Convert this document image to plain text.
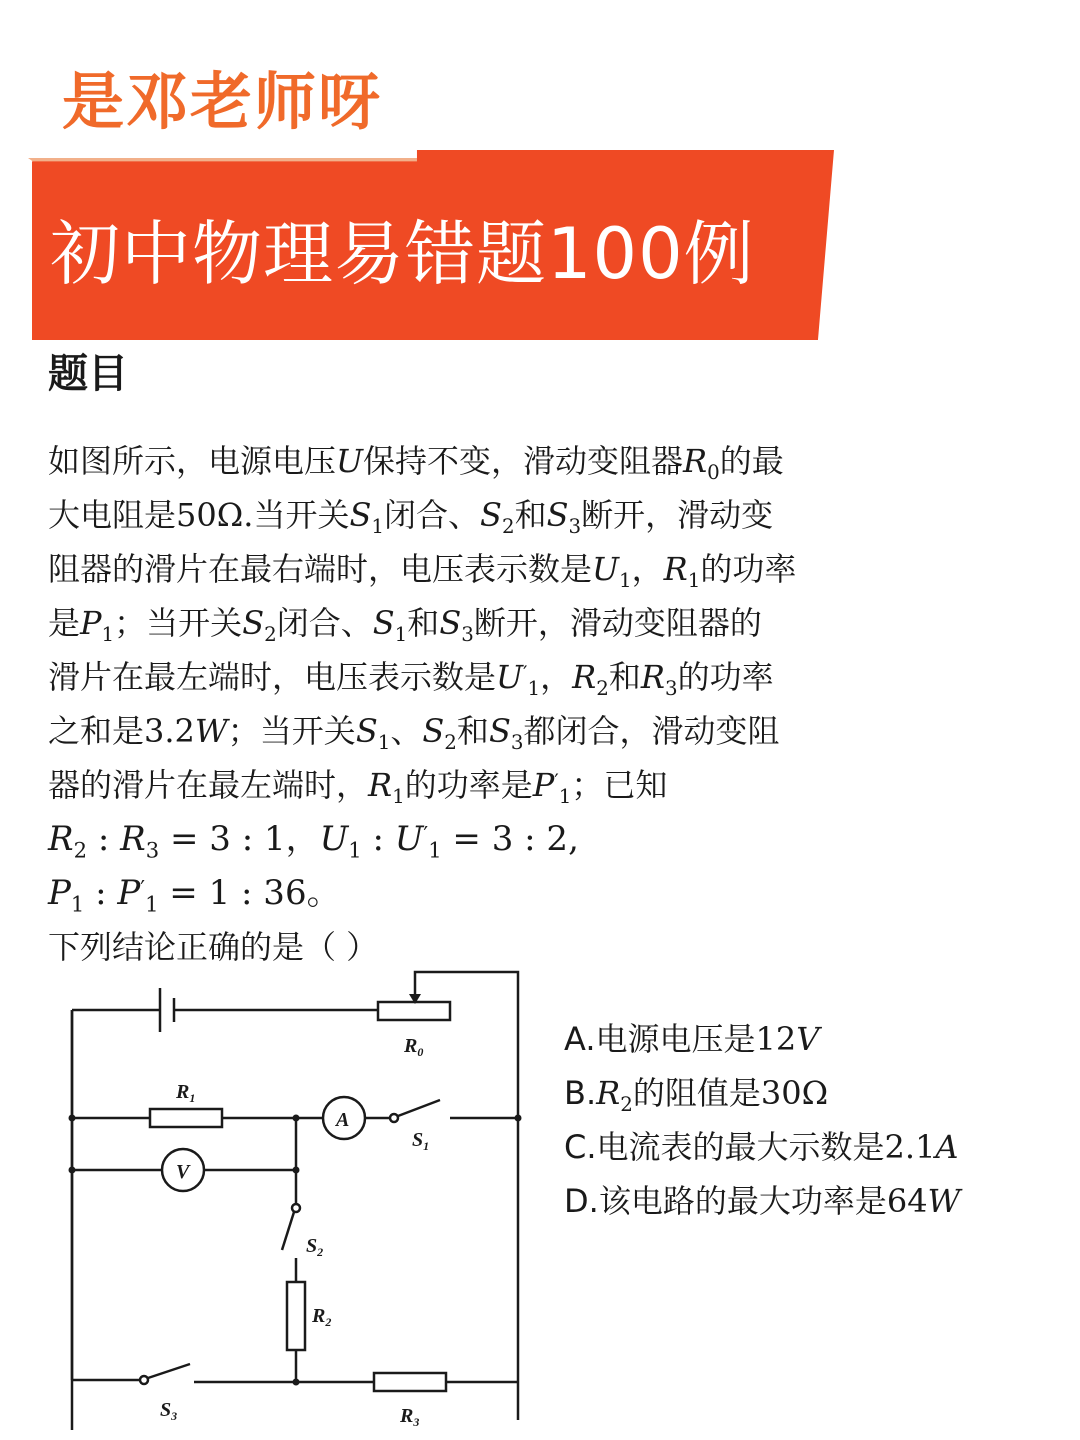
是邓老师呀
初中物理易错题100例
题目
如图所示，电源电压U保持不变，滑动变阻器$R_0$的最
大电阻是50Ω.当开关$S_1$闭合、$S_2$和$S_3$断开，滑动变
阻器的滑片在最右端时，电压表示数是$U_1$，$R_1$的功率
是$P_1$；当开关$S_2$闭合、$S_1$和$S_3$断开，滑动变阻器的
滑片在最左端时，电压表示数是$U'_1$，$R_2$和$R_3$的功率
之和是3.2W；当开关$S_1$、$S_2$和$S_3$都闭合，滑动变阻
器的滑片在最左端时，$R_1$的功率是$P'_1$；已知
$R_2$ : $R_3 = 3$ : 1，$U_1$ : $U'_1 = 3$ : 2,
$P_1$ : $P'_1 = 1$ : 36。
下列结论正确的是（ ）
A
V
$R_0$
$R_1$
$R_2$
$R_3$
$S_1$
$S_2$
$S_3$
A.电源电压是12V
$B.R_2$的阻值是30Ω
C.电流表的最大示数是2.1A
D.该电路的最大功率是64W
